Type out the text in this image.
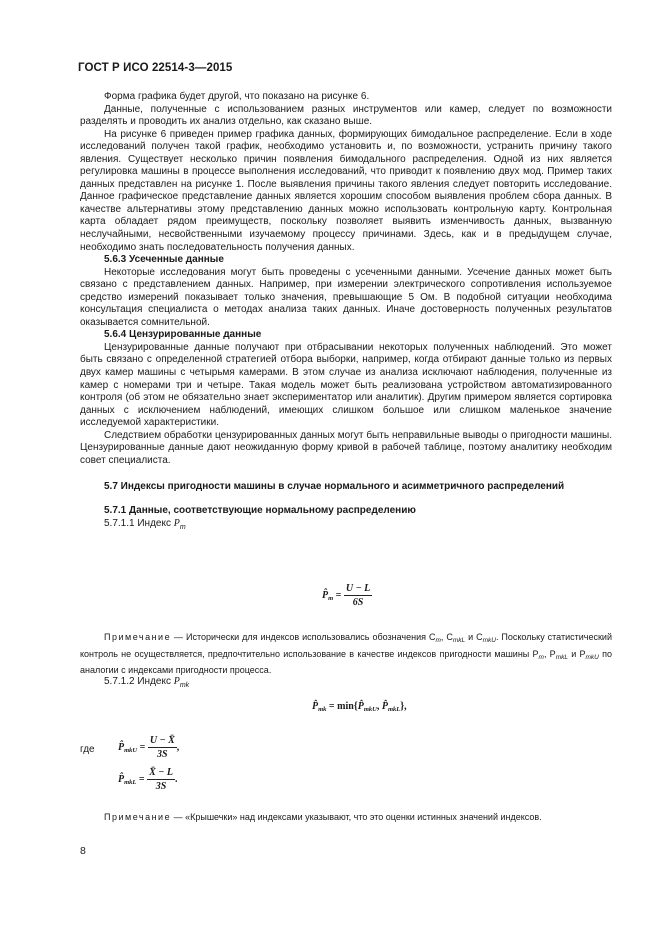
ГОСТ Р ИСО 22514-3—2015

Форма графика будет другой, что показано на рисунке 6.

Данные, полученные с использованием разных инструментов или камер, следует по возможности разделять и проводить их анализ отдельно, как сказано выше.

На рисунке 6 приведен пример графика данных, формирующих бимодальное распределение. Если в ходе исследований получен такой график, необходимо установить и, по возможности, устранить причину такого явления. Существует несколько причин появления бимодального распределения. Одной из них является регулировка машины в процессе выполнения исследований, что приводит к появлению двух мод. Пример таких данных представлен на рисунке 1. После выявления причины такого явления следует повторить исследование. Данное графическое представление данных является хорошим способом выявления проблем сбора данных. В качестве альтернативы этому представлению данных можно использовать контрольную карту. Контрольная карта обладает рядом преимуществ, поскольку позволяет выявить изменчивость данных, вызванную неслучайными, несвойственными изучаемому процессу причинами. Здесь, как и в предыдущем случае, необходимо знать последовательность получения данных.

5.6.3 Усеченные данные

Некоторые исследования могут быть проведены с усеченными данными. Усечение данных может быть связано с представлением данных. Например, при измерении электрического сопротивления используемое средство измерений показывает только значения, превышающие 5 Ом. В подобной ситуации необходима консультация специалиста о методах анализа таких данных. Иначе достоверность полученных результатов оказывается сомнительной.

5.6.4 Цензурированные данные

Цензурированные данные получают при отбрасывании некоторых полученных наблюдений. Это может быть связано с определенной стратегией отбора выборки, например, когда отбирают данные только из первых двух камер машины с четырьмя камерами. В этом случае из анализа исключают наблюдения, полученные из камер с номерами три и четыре. Такая модель может быть реализована устройством автоматизированного контроля (об этом не обязательно знает экспериментатор или аналитик). Другим примером является сортировка данных с исключением наблюдений, имеющих слишком большое или слишком маленькое значение исследуемой характеристики.

Следствием обработки цензурированных данных могут быть неправильные выводы о пригодности машины. Цензурированные данные дают неожиданную форму кривой в рабочей таблице, поэтому аналитику необходим совет специалиста.

5.7 Индексы пригодности машины в случае нормального и асимметричного распределений

5.7.1 Данные, соответствующие нормальному распределению

5.7.1.1 Индекс $P_m$

$P̂_m = \frac{U - L}{6S}$
Примечание — Исторически для индексов использовались обозначения $C_m$, $C_{mkL}$ и $C_{mkU}$. Поскольку статистический контроль не осуществляется, предпочтительно использование в качестве индексов пригодности машины $P_m$, $P_{mkL}$ и $P_{mkU}$ по аналогии с индексами пригодности процесса.
5.7.1.2 Индекс $P_{mk}$
$P̂_{mk}$ = $\min\{P̂_{mkU}$, $P̂_{mkL}$},
где $P̂_{mkU} = \frac{U - X̄}{3S}$ ,
$P̂_{mkL} = \frac{X̄ - L}{3S}$ .
Примечание — «Крышечки» над индексами указывают, что это оценки истинных значений индексов.
8
